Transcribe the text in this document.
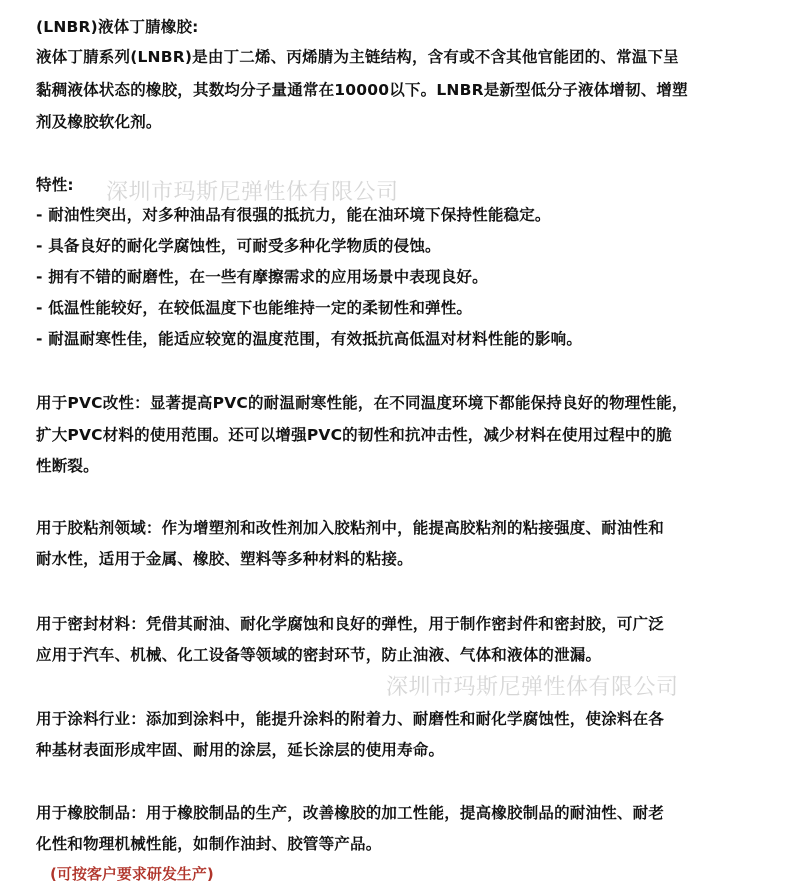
深圳市玛斯尼弹性体有限公司
深圳市玛斯尼弹性体有限公司
(LNBR)液体丁腈橡胶:
液体丁腈系列(LNBR)是由丁二烯、丙烯腈为主链结构，含有或不含其他官能团的、常温下呈
黏稠液体状态的橡胶，其数均分子量通常在10000以下。LNBR是新型低分子液体增韧、增塑
剂及橡胶软化剂。
特性:
- 耐油性突出，对多种油品有很强的抵抗力，能在油环境下保持性能稳定。
- 具备良好的耐化学腐蚀性，可耐受多种化学物质的侵蚀。
- 拥有不错的耐磨性，在一些有摩擦需求的应用场景中表现良好。
- 低温性能较好，在较低温度下也能维持一定的柔韧性和弹性。
- 耐温耐寒性佳，能适应较宽的温度范围，有效抵抗高低温对材料性能的影响。
用于PVC改性：显著提高PVC的耐温耐寒性能，在不同温度环境下都能保持良好的物理性能，
扩大PVC材料的使用范围。还可以增强PVC的韧性和抗冲击性，减少材料在使用过程中的脆
性断裂。
用于胶粘剂领域：作为增塑剂和改性剂加入胶粘剂中，能提高胶粘剂的粘接强度、耐油性和
耐水性，适用于金属、橡胶、塑料等多种材料的粘接。
用于密封材料：凭借其耐油、耐化学腐蚀和良好的弹性，用于制作密封件和密封胶，可广泛
应用于汽车、机械、化工设备等领域的密封环节，防止油液、气体和液体的泄漏。
用于涂料行业：添加到涂料中，能提升涂料的附着力、耐磨性和耐化学腐蚀性，使涂料在各
种基材表面形成牢固、耐用的涂层，延长涂层的使用寿命。
用于橡胶制品：用于橡胶制品的生产，改善橡胶的加工性能，提高橡胶制品的耐油性、耐老
化性和物理机械性能，如制作油封、胶管等产品。
(可按客户要求研发生产)
